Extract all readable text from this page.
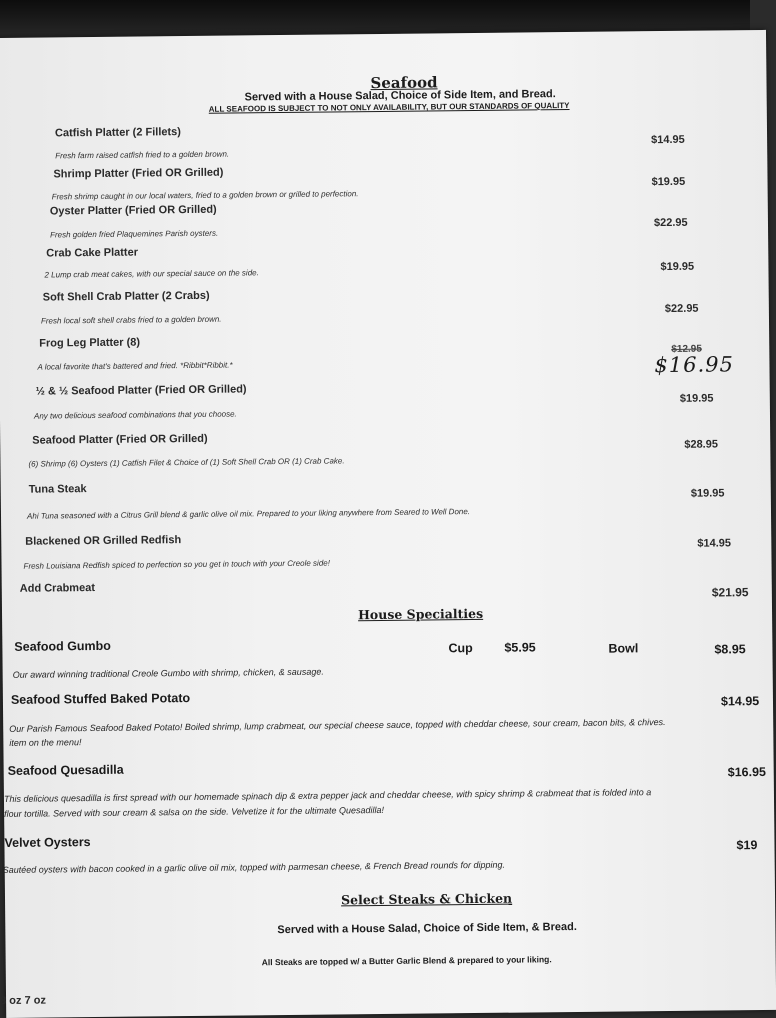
Seafood
Served with a House Salad, Choice of Side Item, and Bread.
ALL SEAFOOD IS SUBJECT TO NOT ONLY AVAILABILITY, BUT OUR STANDARDS OF QUALITY
Catfish Platter (2 Fillets)
Fresh farm raised catfish fried to a golden brown.
$14.95
Shrimp Platter (Fried OR Grilled)
Fresh shrimp caught in our local waters, fried to a golden brown or grilled to perfection.
$19.95
Oyster Platter (Fried OR Grilled)
Fresh golden fried Plaquemines Parish oysters.
$22.95
Crab Cake Platter
2 Lump crab meat cakes, with our special sauce on the side.
$19.95
Soft Shell Crab Platter (2 Crabs)
Fresh local soft shell crabs fried to a golden brown.
$22.95
Frog Leg Platter (8)
A local favorite that's battered and fried. *Ribbit*Ribbit.*
$12.95
$16.95
½ & ½ Seafood Platter (Fried OR Grilled)
Any two delicious seafood combinations that you choose.
$19.95
Seafood Platter (Fried OR Grilled)
(6) Shrimp (6) Oysters (1) Catfish Filet & Choice of (1) Soft Shell Crab OR (1) Crab Cake.
$28.95
Tuna Steak
Ahi Tuna seasoned with a Citrus Grill blend & garlic olive oil mix. Prepared to your liking anywhere from Seared to Well Done.
$19.95
Blackened OR Grilled Redfish
Fresh Louisiana Redfish spiced to perfection so you get in touch with your Creole side!
$14.95
Add Crabmeat	$21.95
House Specialties
Seafood Gumbo	Cup	$5.95	Bowl	$8.95
Our award winning traditional Creole Gumbo with shrimp, chicken, & sausage.
Seafood Stuffed Baked Potato	$14.95
Our Parish Famous Seafood Baked Potato! Boiled shrimp, lump crabmeat, our special cheese sauce, topped with cheddar cheese, sour cream, bacon bits, & chives.
item on the menu!
Seafood Quesadilla	$16.95
This delicious quesadilla is first spread with our homemade spinach dip & extra pepper jack and cheddar cheese, with spicy shrimp & crabmeat that is folded into a
flour tortilla. Served with sour cream & salsa on the side. Velvetize it for the ultimate Quesadilla!
Velvet Oysters	$19
Sautéed oysters with bacon cooked in a garlic olive oil mix, topped with parmesan cheese, & French Bread rounds for dipping.
Select Steaks & Chicken
Served with a House Salad, Choice of Side Item, & Bread.
All Steaks are topped w/ a Butter Garlic Blend & prepared to your liking.
8 oz 7 oz
